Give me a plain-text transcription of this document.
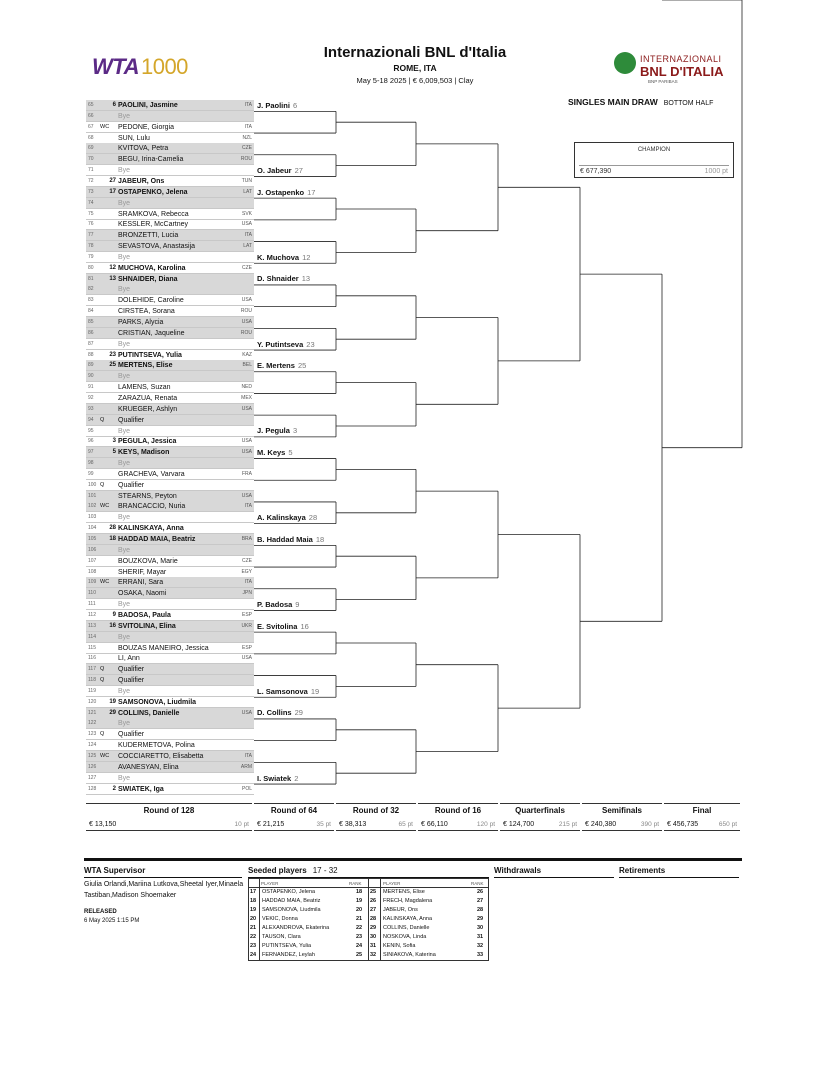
WTA1000
Internazionali BNL d'Italia
ROME, ITA
May 5-18 2025 | € 6,009,503 | Clay
INTERNAZIONALI
BNL D'ITALIA
BNP PARIBAS
SINGLES MAIN DRAW BOTTOM HALF
CHAMPION
€ 677,390	1000 pt
65	6 PAOLINI, Jasmine	ITA
66	Bye
67	WC	PEDONE, Giorgia	ITA
68	SUN, Lulu	NZL
69	KVITOVA, Petra	CZE
70	BEGU, Irina-Camelia	ROU
71	Bye
72	27 JABEUR, Ons	TUN
73	17 OSTAPENKO, Jelena	LAT
74	Bye
75	SRAMKOVA, Rebecca	SVK
76	KESSLER, McCartney	USA
77	BRONZETTI, Lucia	ITA
78	SEVASTOVA, Anastasija	LAT
79	Bye
80	12 MUCHOVA, Karolina	CZE
81	13 SHNAIDER, Diana
82	Bye
83	DOLEHIDE, Caroline	USA
84	CIRSTEA, Sorana	ROU
85	PARKS, Alycia	USA
86	CRISTIAN, Jaqueline	ROU
87	Bye
88	23 PUTINTSEVA, Yulia	KAZ
89	25 MERTENS, Elise	BEL
90	Bye
91	LAMENS, Suzan	NED
92	ZARAZUA, Renata	MEX
93	KRUEGER, Ashlyn	USA
94	Q	Qualifier
95	Bye
96	3 PEGULA, Jessica	USA
97	5 KEYS, Madison	USA
98	Bye
99	GRACHEVA, Varvara	FRA
100 Q	Qualifier
101	STEARNS, Peyton	USA
102 WC	BRANCACCIO, Nuria	ITA
103	Bye
104	28 KALINSKAYA, Anna
105	18 HADDAD MAIA, Beatriz	BRA
106	Bye
107	BOUZKOVA, Marie	CZE
108	SHERIF, Mayar	EGY
109 WC	ERRANI, Sara	ITA
110	OSAKA, Naomi	JPN
111	Bye
112	9 BADOSA, Paula	ESP
113	16 SVITOLINA, Elina	UKR
114	Bye
115	BOUZAS MANEIRO, Jessica	ESP
116	LI, Ann	USA
117 Q	Qualifier
118 Q	Qualifier
119	Bye
120	19 SAMSONOVA, Liudmila
121	29 COLLINS, Danielle	USA
122	Bye
123 Q	Qualifier
124	KUDERMETOVA, Polina
125 WC	COCCIARETTO, Elisabetta	ITA
126	AVANESYAN, Elina	ARM
127	Bye
128	2 SWIATEK, Iga	POL
J. Paolini 6
O. Jabeur 27
J. Ostapenko 17
K. Muchova 12
D. Shnaider 13
Y. Putintseva 23
E. Mertens 25
J. Pegula 3
M. Keys 5
A. Kalinskaya 28
B. Haddad Maia 18
P. Badosa 9
E. Svitolina 16
L. Samsonova 19
D. Collins 29
I. Swiatek 2
Round of 128
€ 13,150	10 pt
Round of 64
€ 21,215	35 pt
Round of 32
€ 38,313	65 pt
Round of 16
€ 66,110	120 pt
Quarterfinals
€ 124,700	215 pt
Semifinals
€ 240,380	390 pt
Final
€ 456,735	650 pt
WTA Supervisor
Giulia Orlandi,Mariina Lutkova,Sheetal Iyer,Minaela Tastiban,Madison Shoemaker
RELEASED
6 May 2025 1:15 PM
Seeded players 17 - 32
PLAYER	RANK	PLAYER	RANK
17	OSTAPENKO, Jelena	18 25	MERTENS, Elise	26
18	HADDAD MAIA, Beatriz	19 26	FRECH, Magdalena	27
19	SAMSONOVA, Liudmila	20 27	JABEUR, Ons	28
20	VEKIC, Donna	21 28	KALINSKAYA, Anna	29
21	ALEXANDROVA, Ekaterina	22 29	COLLINS, Danielle	30
22	TAUSON, Clara	23 30	NOSKOVA, Linda	31
23	PUTINTSEVA, Yulia	24 31	KENIN, Sofia	32
24	FERNANDEZ, Leylah	25 32	SINIAKOVA, Katerina	33
Withdrawals	Retirements
